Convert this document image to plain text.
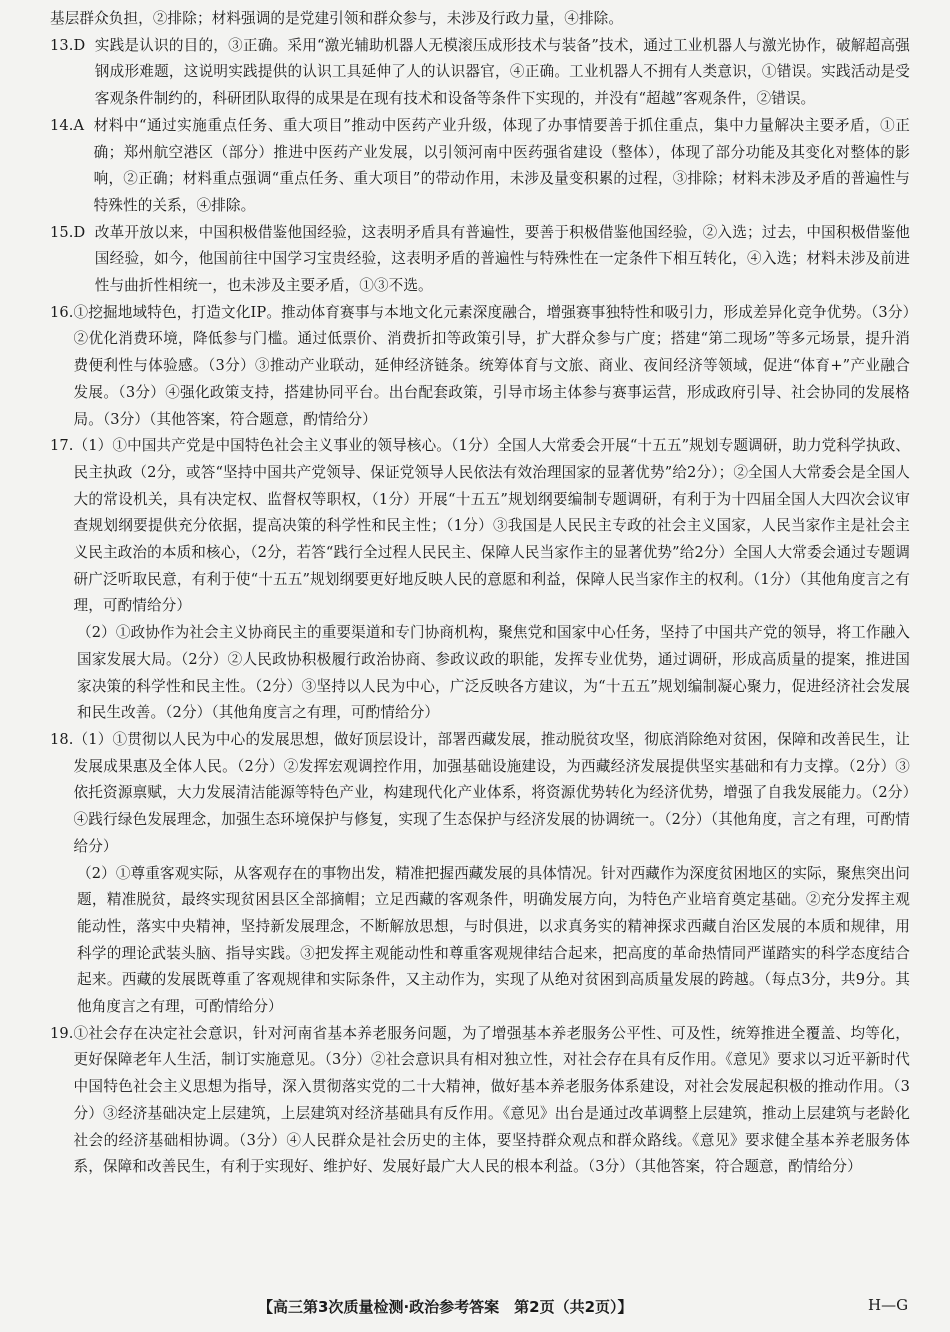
基层群众负担，②排除；材料强调的是党建引领和群众参与，未涉及行政力量，④排除。

13.D 实践是认识的目的，③正确。采用“激光辅助机器人无模滚压成形技术与装备”技术，通过工业机器人与激光协作，破解超高强钢成形难题，这说明实践提供的认识工具延伸了人的认识器官，④正确。工业机器人不拥有人类意识，①错误。实践活动是受客观条件制约的，科研团队取得的成果是在现有技术和设备等条件下实现的，并没有“超越”客观条件，②错误。
14.A 材料中“通过实施重点任务、重大项目”推动中医药产业升级，体现了办事情要善于抓住重点，集中力量解决主要矛盾，①正确；郑州航空港区（部分）推进中医药产业发展，以引领河南中医药强省建设（整体），体现了部分功能及其变化对整体的影响，②正确；材料重点强调“重点任务、重大项目”的带动作用，未涉及量变积累的过程，③排除；材料未涉及矛盾的普遍性与特殊性的关系，④排除。
15.D 改革开放以来，中国积极借鉴他国经验，这表明矛盾具有普遍性，要善于积极借鉴他国经验，②入选；过去，中国积极借鉴他国经验，如今，他国前往中国学习宝贵经验，这表明矛盾的普遍性与特殊性在一定条件下相互转化，④入选；材料未涉及前进性与曲折性相统一，也未涉及主要矛盾，①③不选。
16. ①挖掘地域特色，打造文化IP。推动体育赛事与本地文化元素深度融合，增强赛事独特性和吸引力，形成差异化竞争优势。（3分）②优化消费环境，降低参与门槛。通过低票价、消费折扣等政策引导，扩大群众参与广度；搭建“第二现场”等多元场景，提升消费便利性与体验感。（3分）③推动产业联动，延伸经济链条。统筹体育与文旅、商业、夜间经济等领域，促进“体育+”产业融合发展。（3分）④强化政策支持，搭建协同平台。出台配套政策，引导市场主体参与赛事运营，形成政府引导、社会协同的发展格局。（3分）（其他答案，符合题意，酌情给分）
17. （1）①中国共产党是中国特色社会主义事业的领导核心。（1分）全国人大常委会开展“十五五”规划专题调研，助力党科学执政、民主执政（2分，或答“坚持中国共产党领导、保证党领导人民依法有效治理国家的显著优势”给2分）；②全国人大常委会是全国人大的常设机关，具有决定权、监督权等职权，（1分）开展“十五五”规划纲要编制专题调研，有利于为十四届全国人大四次会议审查规划纲要提供充分依据，提高决策的科学性和民主性；（1分）③我国是人民民主专政的社会主义国家，人民当家作主是社会主义民主政治的本质和核心，（2分，若答“践行全过程人民民主、保障人民当家作主的显著优势”给2分）全国人大常委会通过专题调研广泛听取民意，有利于使“十五五”规划纲要更好地反映人民的意愿和利益，保障人民当家作主的权利。（1分）（其他角度言之有理，可酌情给分）
（2）①政协作为社会主义协商民主的重要渠道和专门协商机构，聚焦党和国家中心任务，坚持了中国共产党的领导，将工作融入国家发展大局。（2分）②人民政协积极履行政治协商、参政议政的职能，发挥专业优势，通过调研，形成高质量的提案，推进国家决策的科学性和民主性。（2分）③坚持以人民为中心，广泛反映各方建议，为“十五五”规划编制凝心聚力，促进经济社会发展和民生改善。（2分）（其他角度言之有理，可酌情给分）
18. （1）①贯彻以人民为中心的发展思想，做好顶层设计，部署西藏发展，推动脱贫攻坚，彻底消除绝对贫困，保障和改善民生，让发展成果惠及全体人民。（2分）②发挥宏观调控作用，加强基础设施建设，为西藏经济发展提供坚实基础和有力支撑。（2分）③依托资源禀赋，大力发展清洁能源等特色产业，构建现代化产业体系，将资源优势转化为经济优势，增强了自我发展能力。（2分）④践行绿色发展理念，加强生态环境保护与修复，实现了生态保护与经济发展的协调统一。（2分）（其他角度，言之有理，可酌情给分）
（2）①尊重客观实际，从客观存在的事物出发，精准把握西藏发展的具体情况。针对西藏作为深度贫困地区的实际，聚焦突出问题，精准脱贫，最终实现贫困县区全部摘帽；立足西藏的客观条件，明确发展方向，为特色产业培育奠定基础。②充分发挥主观能动性，落实中央精神，坚持新发展理念，不断解放思想，与时俱进，以求真务实的精神探求西藏自治区发展的本质和规律，用科学的理论武装头脑、指导实践。③把发挥主观能动性和尊重客观规律结合起来，把高度的革命热情同严谨踏实的科学态度结合起来。西藏的发展既尊重了客观规律和实际条件，又主动作为，实现了从绝对贫困到高质量发展的跨越。（每点3分，共9分。其他角度言之有理，可酌情给分）
19. ①社会存在决定社会意识，针对河南省基本养老服务问题，为了增强基本养老服务公平性、可及性，统筹推进全覆盖、均等化，更好保障老年人生活，制订实施意见。（3分）②社会意识具有相对独立性，对社会存在具有反作用。《意见》要求以习近平新时代中国特色社会主义思想为指导，深入贯彻落实党的二十大精神，做好基本养老服务体系建设，对社会发展起积极的推动作用。（3分）③经济基础决定上层建筑，上层建筑对经济基础具有反作用。《意见》出台是通过改革调整上层建筑，推动上层建筑与老龄化社会的经济基础相协调。（3分）④人民群众是社会历史的主体，要坚持群众观点和群众路线。《意见》要求健全基本养老服务体系，保障和改善民生，有利于实现好、维护好、发展好最广大人民的根本利益。（3分）（其他答案，符合题意，酌情给分）
【高三第3次质量检测·政治参考答案　第2页（共2页）】	H—G
